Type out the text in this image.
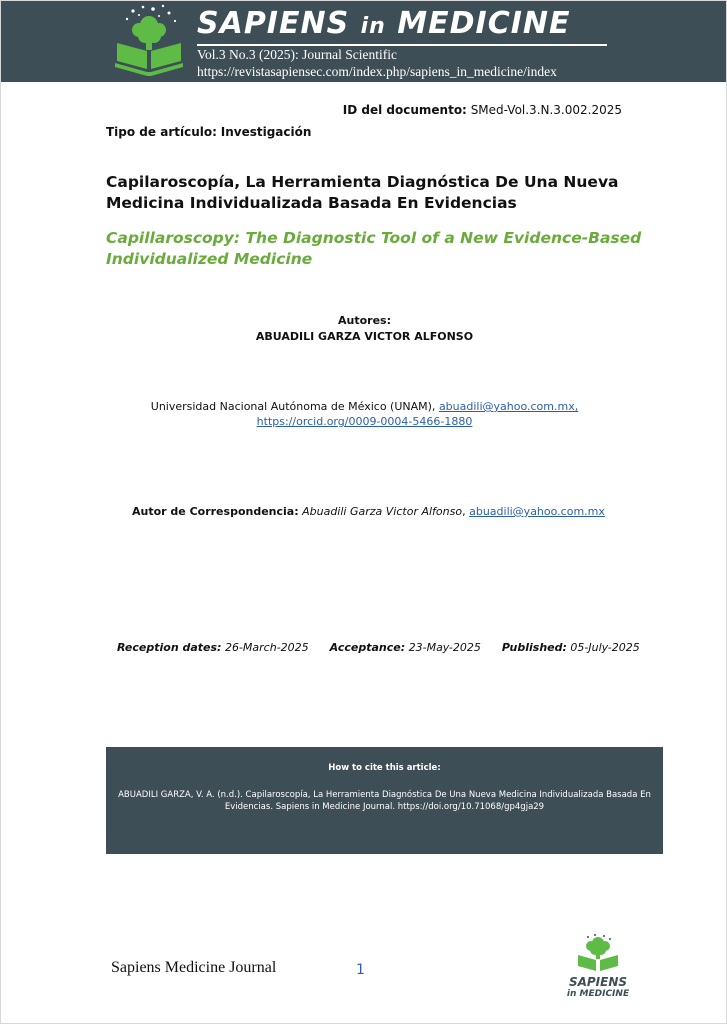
SAPIENS in MEDICINE
Vol.3 No.3 (2025): Journal Scientific
https://revistasapiensec.com/index.php/sapiens_in_medicine/index
ID del documento: SMed-Vol.3.N.3.002.2025
Tipo de artículo: Investigación
Capilaroscopía, La Herramienta Diagnóstica De Una Nueva
Medicina Individualizada Basada En Evidencias
Capillaroscopy: The Diagnostic Tool of a New Evidence-Based
Individualized Medicine
Autores:
ABUADILI GARZA VICTOR ALFONSO
Universidad Nacional Autónoma de México (UNAM), abuadili@yahoo.com.mx,
https://orcid.org/0009-0004-5466-1880
Autor de Correspondencia: Abuadili Garza Victor Alfonso, abuadili@yahoo.com.mx
Reception dates: 26-March-2025 Acceptance: 23-May-2025 Published: 05-July-2025
How to cite this article:
ABUADILI GARZA, V. A. (n.d.). Capilaroscopía, La Herramienta Diagnóstica De Una Nueva Medicina Individualizada Basada En
Evidencias. Sapiens in Medicine Journal. https://doi.org/10.71068/gp4gja29
Sapiens Medicine Journal	1
SAPIENS
in MEDICINE
